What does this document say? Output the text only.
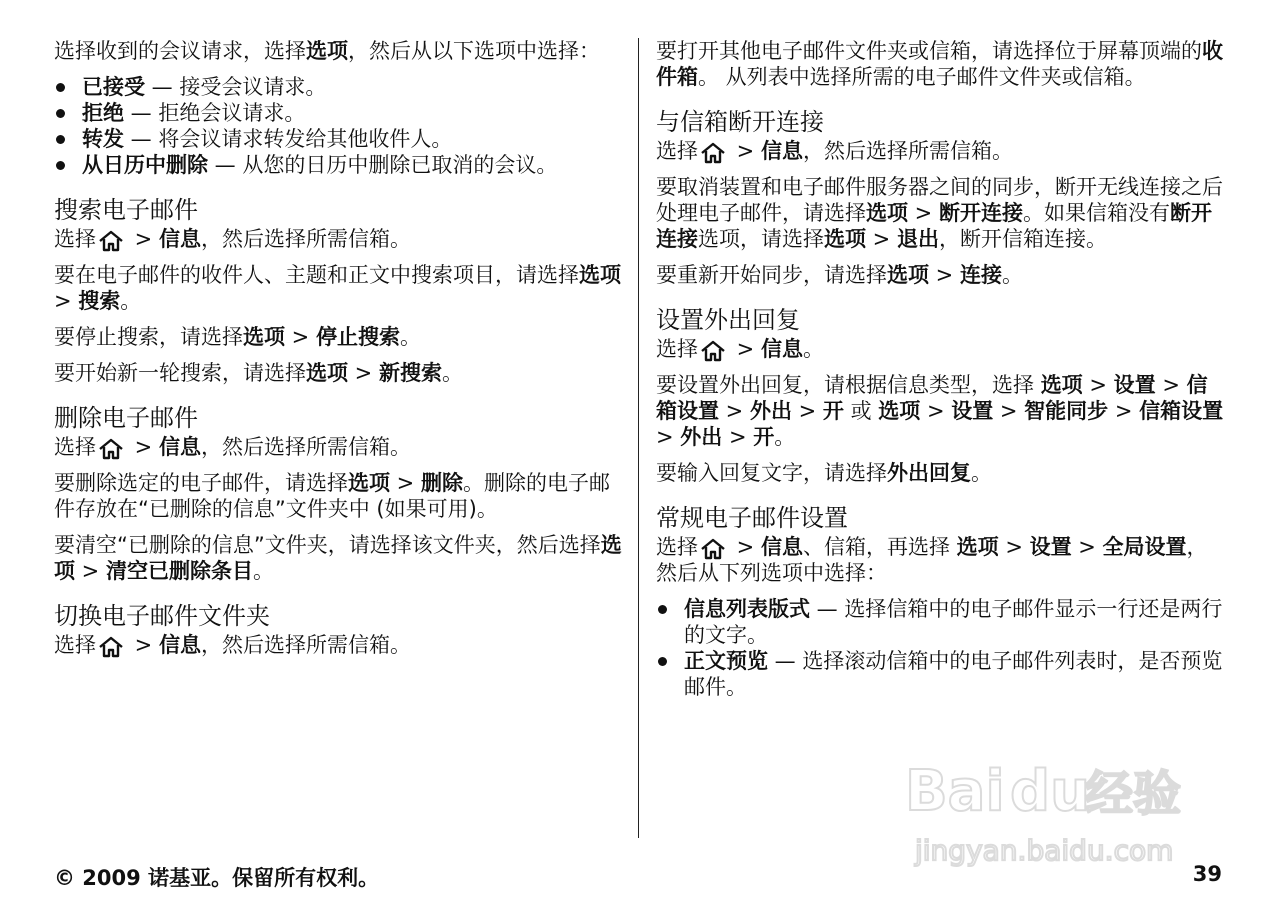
选择收到的会议请求，选择选项，然后从以下选项中选择：

已接受 — 接受会议请求。
拒绝 — 拒绝会议请求。
转发 — 将会议请求转发给其他收件人。
从日历中删除 — 从您的日历中删除已取消的会议。
搜索电子邮件

选择 > 信息，然后选择所需信箱。

要在电子邮件的收件人、主题和正文中搜索项目，请选择选项 > 搜索。

要停止搜索，请选择选项 > 停止搜索。

要开始新一轮搜索，请选择选项 > 新搜索。

删除电子邮件

选择 > 信息，然后选择所需信箱。

要删除选定的电子邮件，请选择选项 > 删除。删除的电子邮件存放在“已删除的信息”文件夹中 (如果可用)。

要清空“已删除的信息”文件夹，请选择该文件夹，然后选择选项 > 清空已删除条目。

切换电子邮件文件夹

选择 > 信息，然后选择所需信箱。

要打开其他电子邮件文件夹或信箱，请选择位于屏幕顶端的收件箱。 从列表中选择所需的电子邮件文件夹或信箱。

与信箱断开连接

选择 > 信息，然后选择所需信箱。

要取消装置和电子邮件服务器之间的同步，断开无线连接之后处理电子邮件，请选择选项 > 断开连接。如果信箱没有断开连接选项，请选择选项 > 退出，断开信箱连接。

要重新开始同步，请选择选项 > 连接。

设置外出回复

选择 > 信息。

要设置外出回复，请根据信息类型，选择 选项 > 设置 > 信箱设置 > 外出 > 开 或 选项 > 设置 > 智能同步 > 信箱设置 > 外出 > 开。

要输入回复文字，请选择外出回复。

常规电子邮件设置

选择 > 信息、信箱，再选择 选项 > 设置 > 全局设置，然后从下列选项中选择：

信息列表版式 — 选择信箱中的电子邮件显示一行还是两行的文字。
正文预览 — 选择滚动信箱中的电子邮件列表时，是否预览邮件。
Bai du
经验
jingyan.baidu.com
© 2009 诺基亚。保留所有权利。	39
